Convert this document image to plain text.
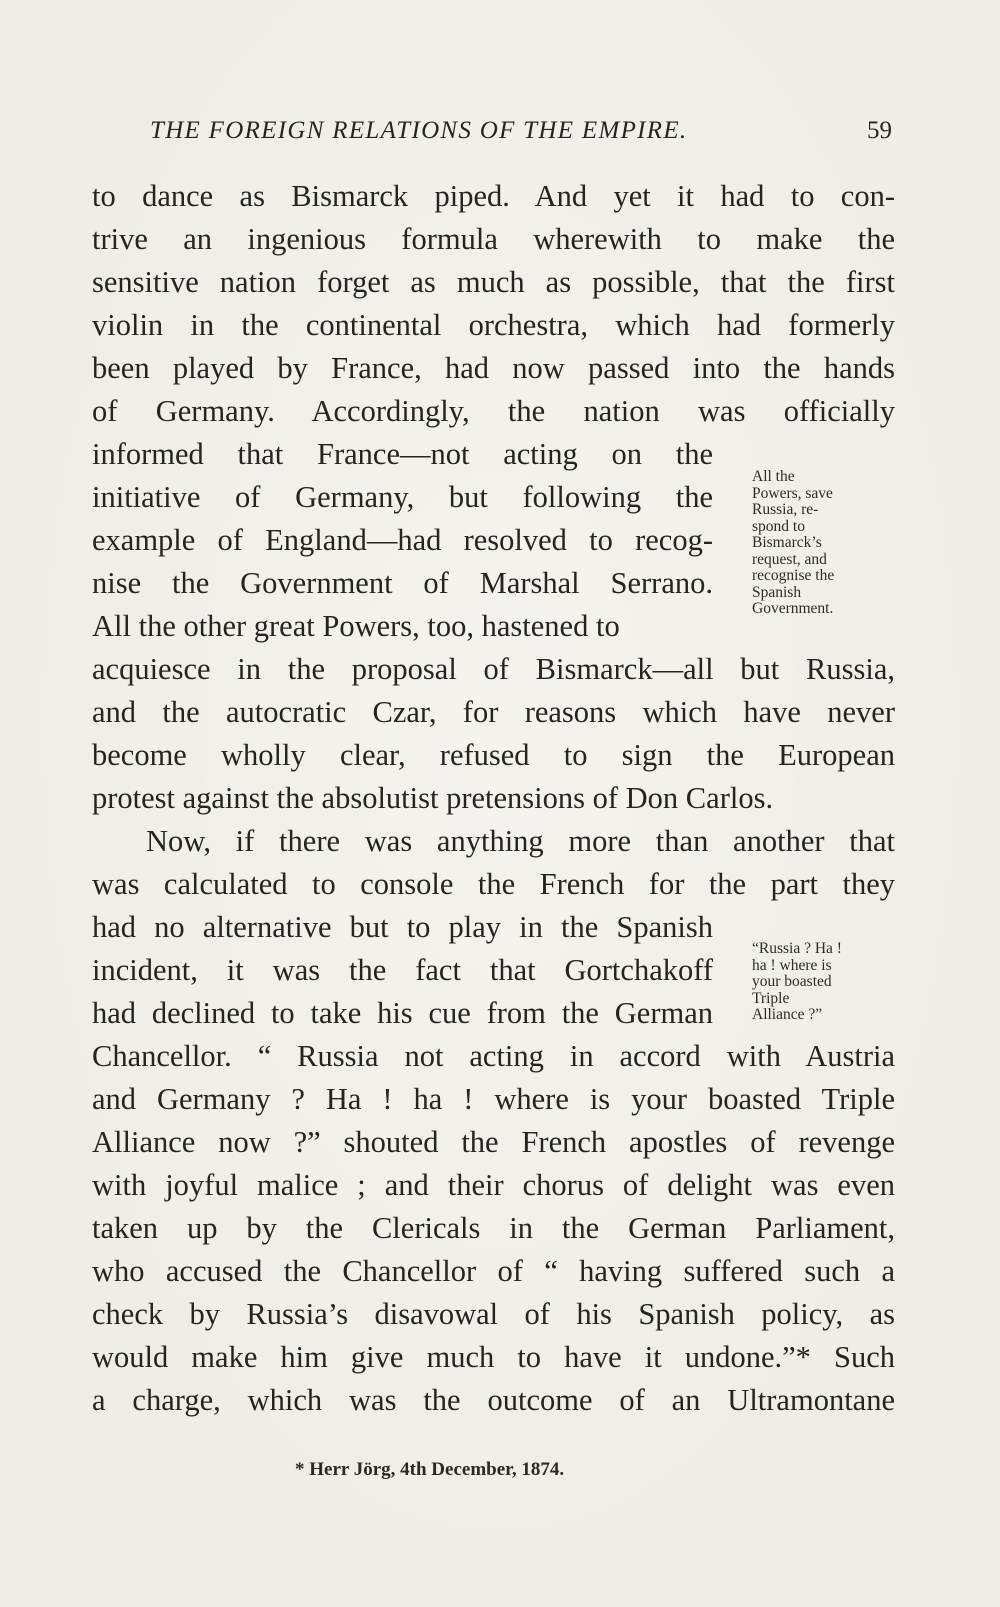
THE FOREIGN RELATIONS OF THE EMPIRE.	59
to dance as Bismarck piped. And yet it had to con-
trive an ingenious formula wherewith to make the
sensitive nation forget as much as possible, that the first
violin in the continental orchestra, which had formerly
been played by France, had now passed into the hands
of Germany. Accordingly, the nation was officially
informed that France—not acting on the
initiative of Germany, but following the
example of England—had resolved to recog-
nise the Government of Marshal Serrano.
All the other great Powers, too, hastened to
acquiesce in the proposal of Bismarck—all but Russia,
and the autocratic Czar, for reasons which have never
become wholly clear, refused to sign the European
protest against the absolutist pretensions of Don Carlos.
Now, if there was anything more than another that
was calculated to console the French for the part they
had no alternative but to play in the Spanish
incident, it was the fact that Gortchakoff
had declined to take his cue from the German
Chancellor. “ Russia not acting in accord with Austria
and Germany ? Ha ! ha ! where is your boasted Triple
Alliance now ?” shouted the French apostles of revenge
with joyful malice ; and their chorus of delight was even
taken up by the Clericals in the German Parliament,
who accused the Chancellor of “ having suffered such a
check by Russia’s disavowal of his Spanish policy, as
would make him give much to have it undone.”* Such
a charge, which was the outcome of an Ultramontane
All the
Powers, save
Russia, re-
spond to
Bismarck’s
request, and
recognise the
Spanish
Government.
“Russia ? Ha !
ha ! where is
your boasted
Triple
Alliance ?”
* Herr Jörg, 4th December, 1874.
